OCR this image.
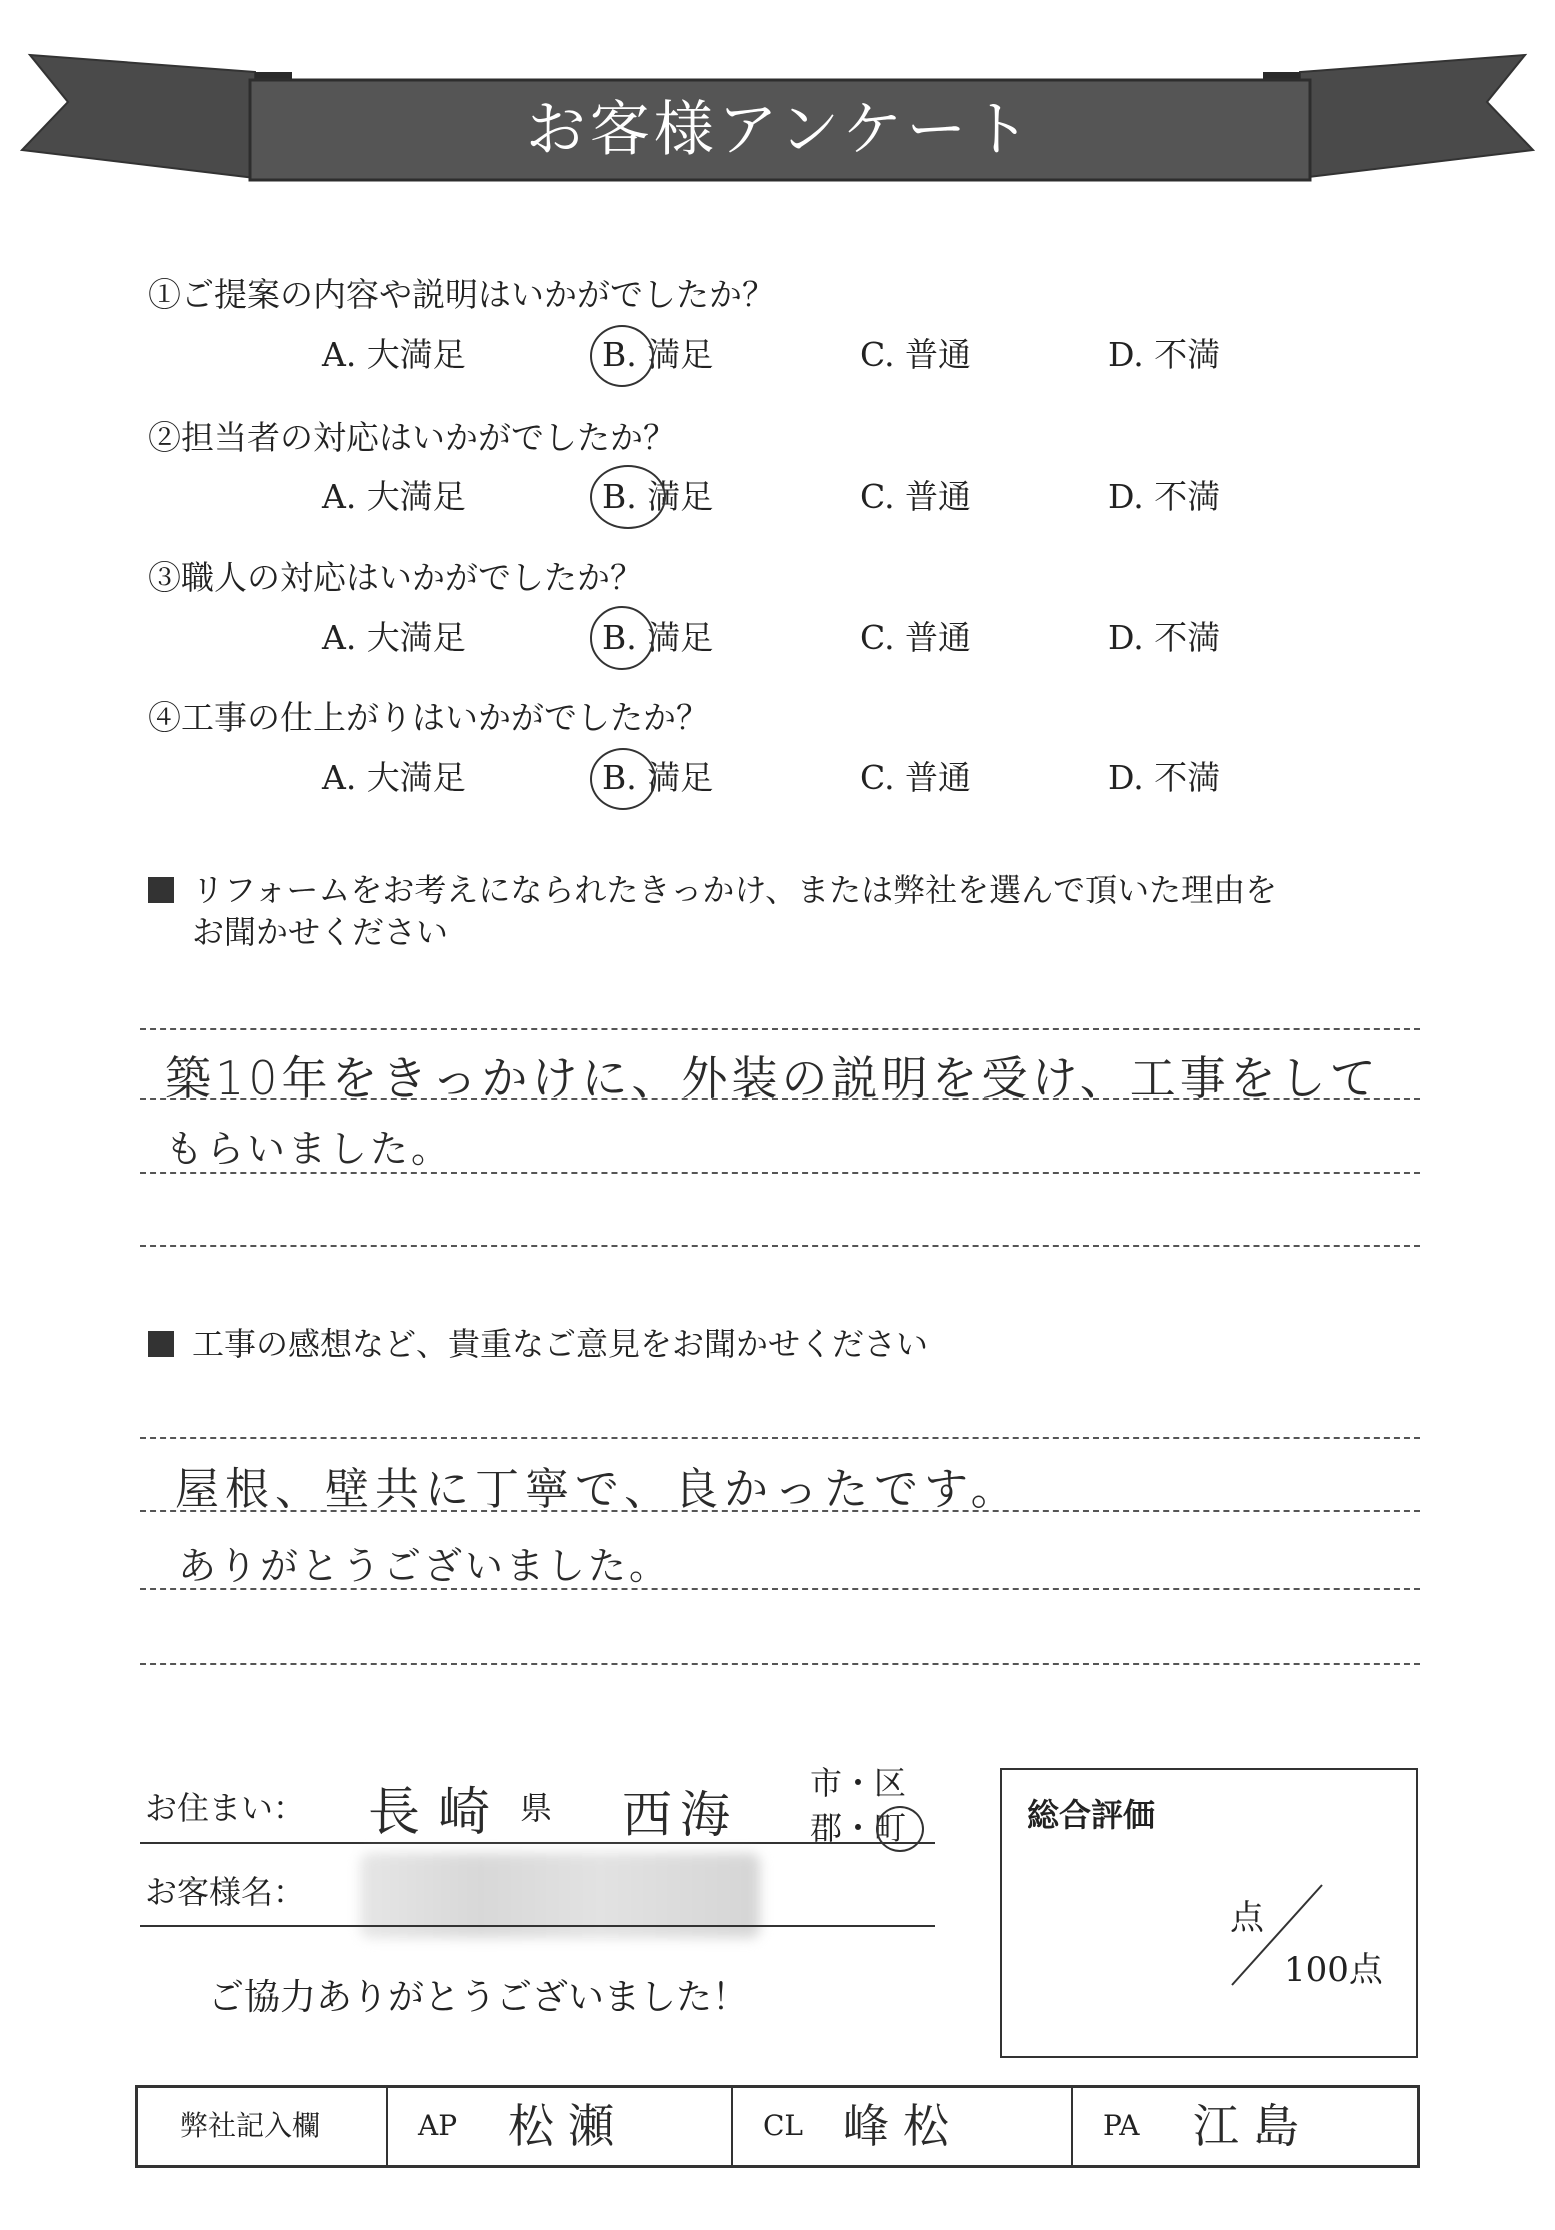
お客様アンケート
①ご提案の内容や説明はいかがでしたか？
A. 大満足	B. 満足	C. 普通	D. 不満
②担当者の対応はいかがでしたか？
A. 大満足	B. 満足	C. 普通	D. 不満
③職人の対応はいかがでしたか？
A. 大満足	B. 満足	C. 普通	D. 不満
④工事の仕上がりはいかがでしたか？
A. 大満足	B. 満足	C. 普通	D. 不満
リフォームをお考えになられたきっかけ、または弊社を選んで頂いた理由を
お聞かせください
築10年をきっかけに、外装の説明を受け、工事をして
もらいました。
工事の感想など、貴重なご意見をお聞かせください
屋根、壁共に丁寧で、良かったです。
ありがとうございました。
お住まい： 長崎 県 西海
市・区
郡・町
お客様名：
ご協力ありがとうございました！
総合評価
点
100点
弊社記入欄	AP 松瀬	CL 峰松	PA 江島
